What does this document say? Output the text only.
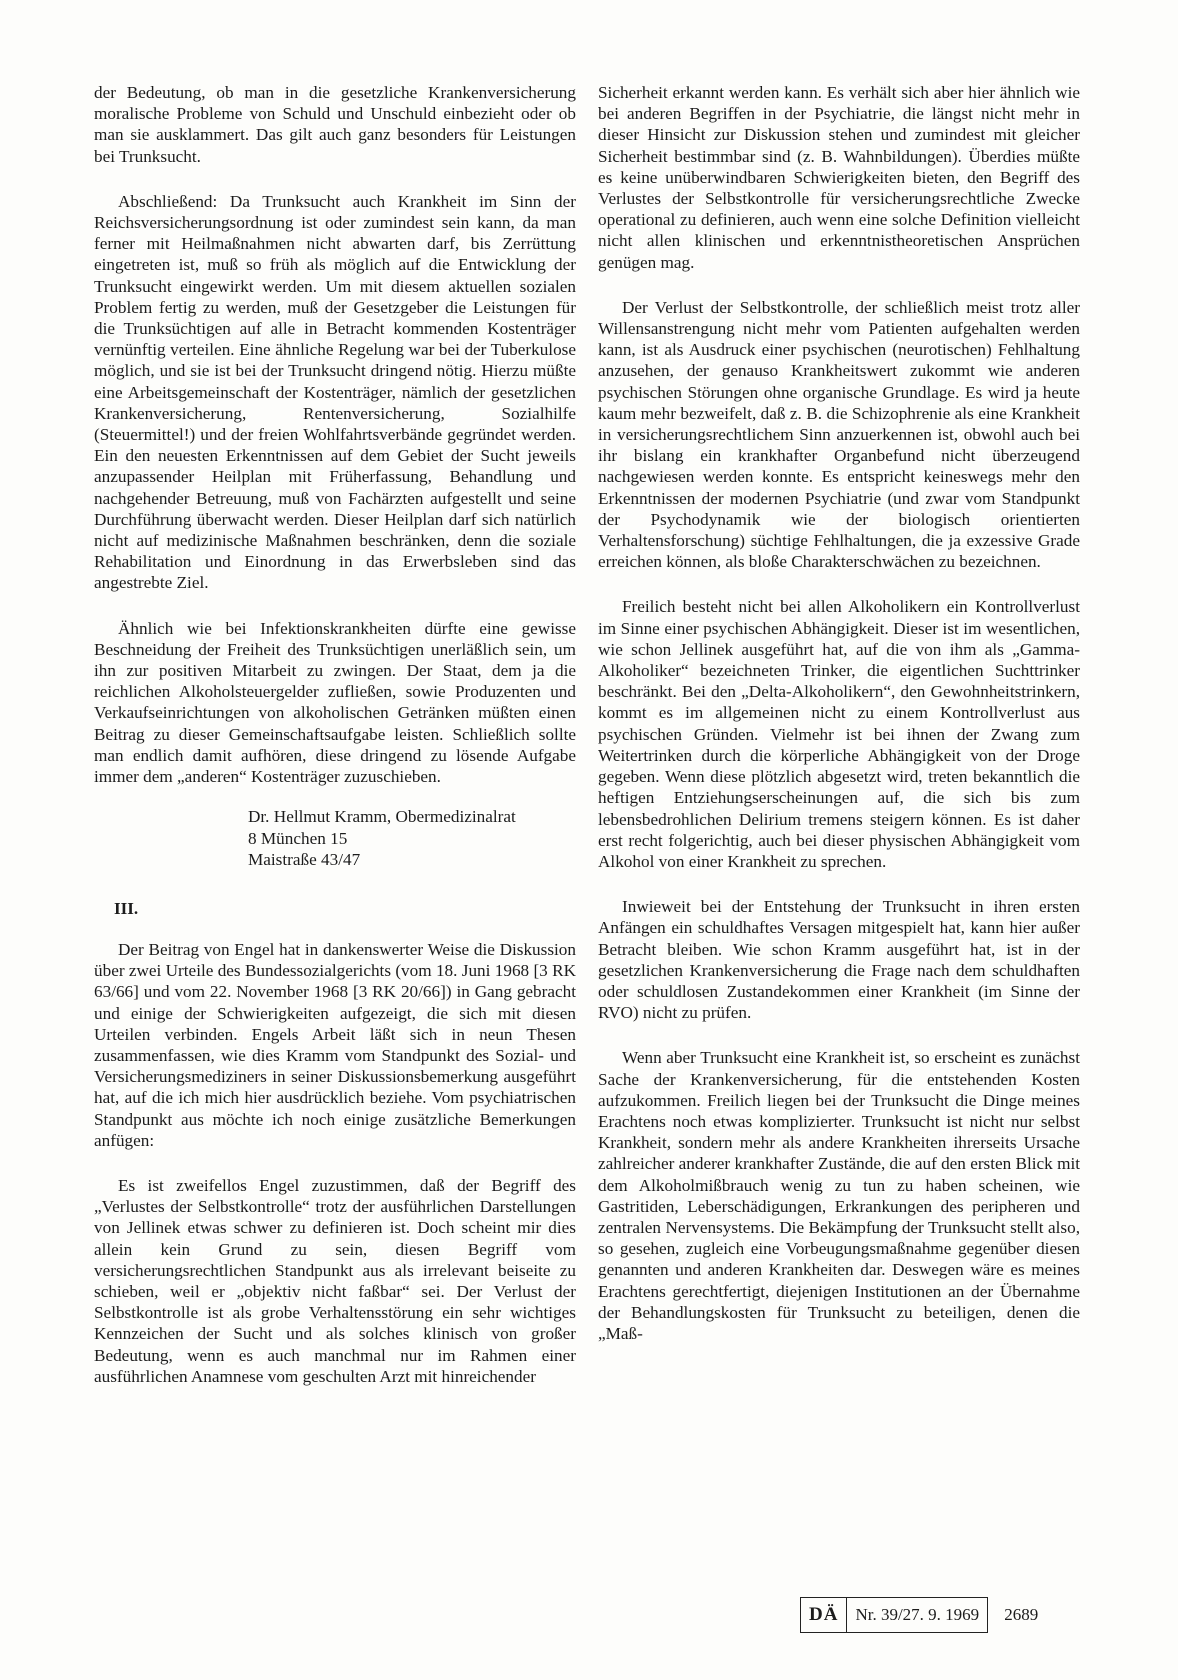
der Bedeutung, ob man in die gesetzliche Krankenversicherung moralische Probleme von Schuld und Unschuld einbezieht oder ob man sie ausklammert. Das gilt auch ganz besonders für Leistungen bei Trunksucht.

Abschließend: Da Trunksucht auch Krankheit im Sinn der Reichsversicherungsordnung ist oder zumindest sein kann, da man ferner mit Heilmaßnahmen nicht abwarten darf, bis Zerrüttung eingetreten ist, muß so früh als möglich auf die Entwicklung der Trunksucht eingewirkt werden. Um mit diesem aktuellen sozialen Problem fertig zu werden, muß der Gesetzgeber die Leistungen für die Trunksüchtigen auf alle in Betracht kommenden Kostenträger vernünftig verteilen. Eine ähnliche Regelung war bei der Tuberkulose möglich, und sie ist bei der Trunksucht dringend nötig. Hierzu müßte eine Arbeitsgemeinschaft der Kostenträger, nämlich der gesetzlichen Krankenversicherung, Rentenversicherung, Sozialhilfe (Steuermittel!) und der freien Wohlfahrtsverbände gegründet werden. Ein den neuesten Erkenntnissen auf dem Gebiet der Sucht jeweils anzupassender Heilplan mit Früherfassung, Behandlung und nachgehender Betreuung, muß von Fachärzten aufgestellt und seine Durchführung überwacht werden. Dieser Heilplan darf sich natürlich nicht auf medizinische Maßnahmen beschränken, denn die soziale Rehabilitation und Einordnung in das Erwerbsleben sind das angestrebte Ziel.

Ähnlich wie bei Infektionskrankheiten dürfte eine gewisse Beschneidung der Freiheit des Trunksüchtigen unerläßlich sein, um ihn zur positiven Mitarbeit zu zwingen. Der Staat, dem ja die reichlichen Alkoholsteuergelder zufließen, sowie Produzenten und Verkaufseinrichtungen von alkoholischen Getränken müßten einen Beitrag zu dieser Gemeinschaftsaufgabe leisten. Schließlich sollte man endlich damit aufhören, diese dringend zu lösende Aufgabe immer dem „anderen“ Kostenträger zuzuschieben.

Dr. Hellmut Kramm, Obermedizinalrat
8 München 15
Maistraße 43/47
III.

Der Beitrag von Engel hat in dankenswerter Weise die Diskussion über zwei Urteile des Bundessozialgerichts (vom 18. Juni 1968 [3 RK 63/66] und vom 22. November 1968 [3 RK 20/66]) in Gang gebracht und einige der Schwierigkeiten aufgezeigt, die sich mit diesen Urteilen verbinden. Engels Arbeit läßt sich in neun Thesen zusammenfassen, wie dies Kramm vom Standpunkt des Sozial- und Versicherungsmediziners in seiner Diskussionsbemerkung ausgeführt hat, auf die ich mich hier ausdrücklich beziehe. Vom psychiatrischen Standpunkt aus möchte ich noch einige zusätzliche Bemerkungen anfügen:

Es ist zweifellos Engel zuzustimmen, daß der Begriff des „Verlustes der Selbstkontrolle“ trotz der ausführlichen Darstellungen von Jellinek etwas schwer zu definieren ist. Doch scheint mir dies allein kein Grund zu sein, diesen Begriff vom versicherungsrechtlichen Standpunkt aus als irrelevant beiseite zu schieben, weil er „objektiv nicht faßbar“ sei. Der Verlust der Selbstkontrolle ist als grobe Verhaltensstörung ein sehr wichtiges Kennzeichen der Sucht und als solches klinisch von großer Bedeutung, wenn es auch manchmal nur im Rahmen einer ausführlichen Anamnese vom geschulten Arzt mit hinreichender

Sicherheit erkannt werden kann. Es verhält sich aber hier ähnlich wie bei anderen Begriffen in der Psychiatrie, die längst nicht mehr in dieser Hinsicht zur Diskussion stehen und zumindest mit gleicher Sicherheit bestimmbar sind (z. B. Wahnbildungen). Überdies müßte es keine unüberwindbaren Schwierigkeiten bieten, den Begriff des Verlustes der Selbstkontrolle für versicherungsrechtliche Zwecke operational zu definieren, auch wenn eine solche Definition vielleicht nicht allen klinischen und erkenntnistheoretischen Ansprüchen genügen mag.

Der Verlust der Selbstkontrolle, der schließlich meist trotz aller Willensanstrengung nicht mehr vom Patienten aufgehalten werden kann, ist als Ausdruck einer psychischen (neurotischen) Fehlhaltung anzusehen, der genauso Krankheitswert zukommt wie anderen psychischen Störungen ohne organische Grundlage. Es wird ja heute kaum mehr bezweifelt, daß z. B. die Schizophrenie als eine Krankheit in versicherungsrechtlichem Sinn anzuerkennen ist, obwohl auch bei ihr bislang ein krankhafter Organbefund nicht überzeugend nachgewiesen werden konnte. Es entspricht keineswegs mehr den Erkenntnissen der modernen Psychiatrie (und zwar vom Standpunkt der Psychodynamik wie der biologisch orientierten Verhaltensforschung) süchtige Fehlhaltungen, die ja exzessive Grade erreichen können, als bloße Charakterschwächen zu bezeichnen.

Freilich besteht nicht bei allen Alkoholikern ein Kontrollverlust im Sinne einer psychischen Abhängigkeit. Dieser ist im wesentlichen, wie schon Jellinek ausgeführt hat, auf die von ihm als „Gamma-Alkoholiker“ bezeichneten Trinker, die eigentlichen Suchttrinker beschränkt. Bei den „Delta-Alkoholikern“, den Gewohnheitstrinkern, kommt es im allgemeinen nicht zu einem Kontrollverlust aus psychischen Gründen. Vielmehr ist bei ihnen der Zwang zum Weitertrinken durch die körperliche Abhängigkeit von der Droge gegeben. Wenn diese plötzlich abgesetzt wird, treten bekanntlich die heftigen Entziehungserscheinungen auf, die sich bis zum lebensbedrohlichen Delirium tremens steigern können. Es ist daher erst recht folgerichtig, auch bei dieser physischen Abhängigkeit vom Alkohol von einer Krankheit zu sprechen.

Inwieweit bei der Entstehung der Trunksucht in ihren ersten Anfängen ein schuldhaftes Versagen mitgespielt hat, kann hier außer Betracht bleiben. Wie schon Kramm ausgeführt hat, ist in der gesetzlichen Krankenversicherung die Frage nach dem schuldhaften oder schuldlosen Zustandekommen einer Krankheit (im Sinne der RVO) nicht zu prüfen.

Wenn aber Trunksucht eine Krankheit ist, so erscheint es zunächst Sache der Krankenversicherung, für die entstehenden Kosten aufzukommen. Freilich liegen bei der Trunksucht die Dinge meines Erachtens noch etwas komplizierter. Trunksucht ist nicht nur selbst Krankheit, sondern mehr als andere Krankheiten ihrerseits Ursache zahlreicher anderer krankhafter Zustände, die auf den ersten Blick mit dem Alkoholmißbrauch wenig zu tun zu haben scheinen, wie Gastritiden, Leberschädigungen, Erkrankungen des peripheren und zentralen Nervensystems. Die Bekämpfung der Trunksucht stellt also, so gesehen, zugleich eine Vorbeugungsmaßnahme gegenüber diesen genannten und anderen Krankheiten dar. Deswegen wäre es meines Erachtens gerechtfertigt, diejenigen Institutionen an der Übernahme der Behandlungskosten für Trunksucht zu beteiligen, denen die „Maß-

DÄ	Nr. 39/27. 9. 1969	2689
